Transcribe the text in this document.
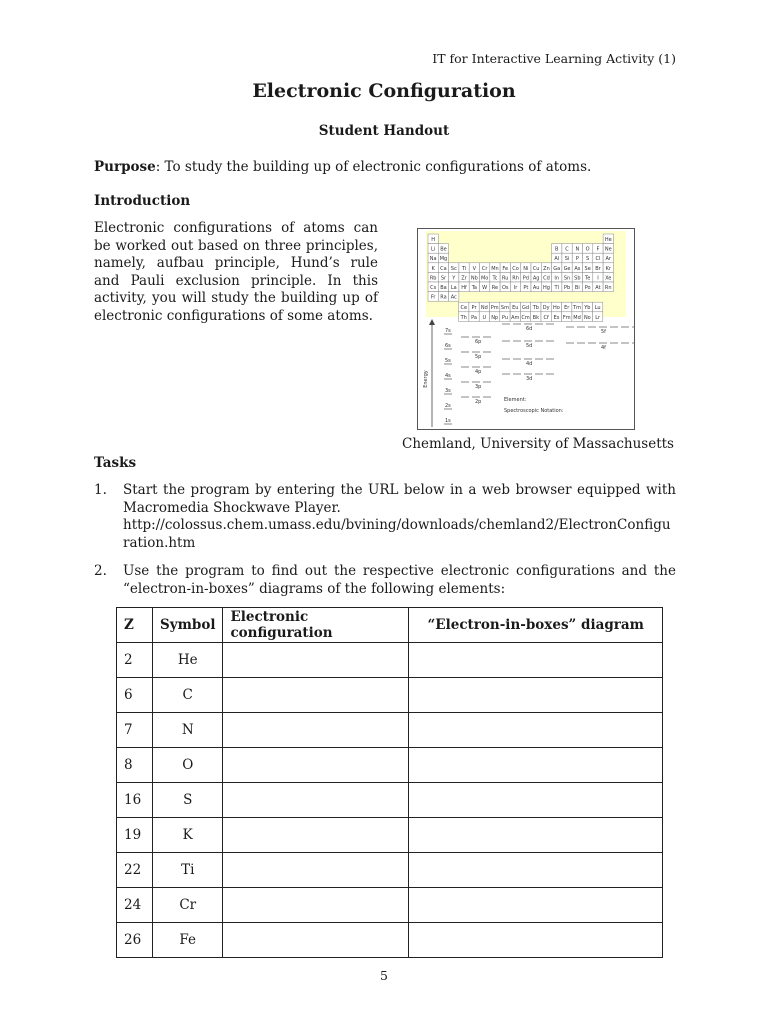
IT for Interactive Learning Activity (1)
Electronic Configuration
Student Handout
Purpose: To study the building up of electronic configurations of atoms.
Introduction
Electronic configurations of atoms can be worked out based on three principles, namely, aufbau principle, Hund’s rule and Pauli exclusion principle. In this activity, you will study the building up of electronic configurations of some atoms.
H	He
Li Be	B C N O F Ne
Na Mg	Al Si P S Cl Ar
K Ca Sc Ti V Cr Mn Fe Co Ni Cu Zn Ga Ge As Se Br Kr
Rb Sr Y Zr Nb Mo Tc Ru Rh Pd Ag Cd In Sn Sb Te I Xe
Cs Ba La Hf Ta W Re Os Ir Pt Au Hg Tl Pb Bi Po At Rn
Fr Ra Ac
Ce Pr Nd Pm Sm Eu Gd Tb Dy Ho Er Tm Yb Lu
Th Pa U Np Pu Am Cm Bk Cf Es Fm Md No Lr
Energy
7s
6s
5s
4s
3s
2s
1s
6p
5p
4p
3p
2p
6d
5d
4d
3d
5f
4f
Element:
Spectroscopic Notation:
Chemland, University of Massachusetts
Tasks
1. Start the program by entering the URL below in a web browser equipped with Macromedia Shockwave Player.
http://colossus.chem.umass.edu/bvining/downloads/chemland2/ElectronConfiguration.htm
2. Use the program to find out the respective electronic configurations and the “electron-in-boxes” diagrams of the following elements:
Z	Symbol	Electronic configuration	“Electron-in-boxes” diagram
2	He		
6	C		
7	N		
8	O		
16	S		
19	K		
22	Ti		
24	Cr		
26	Fe		
5
